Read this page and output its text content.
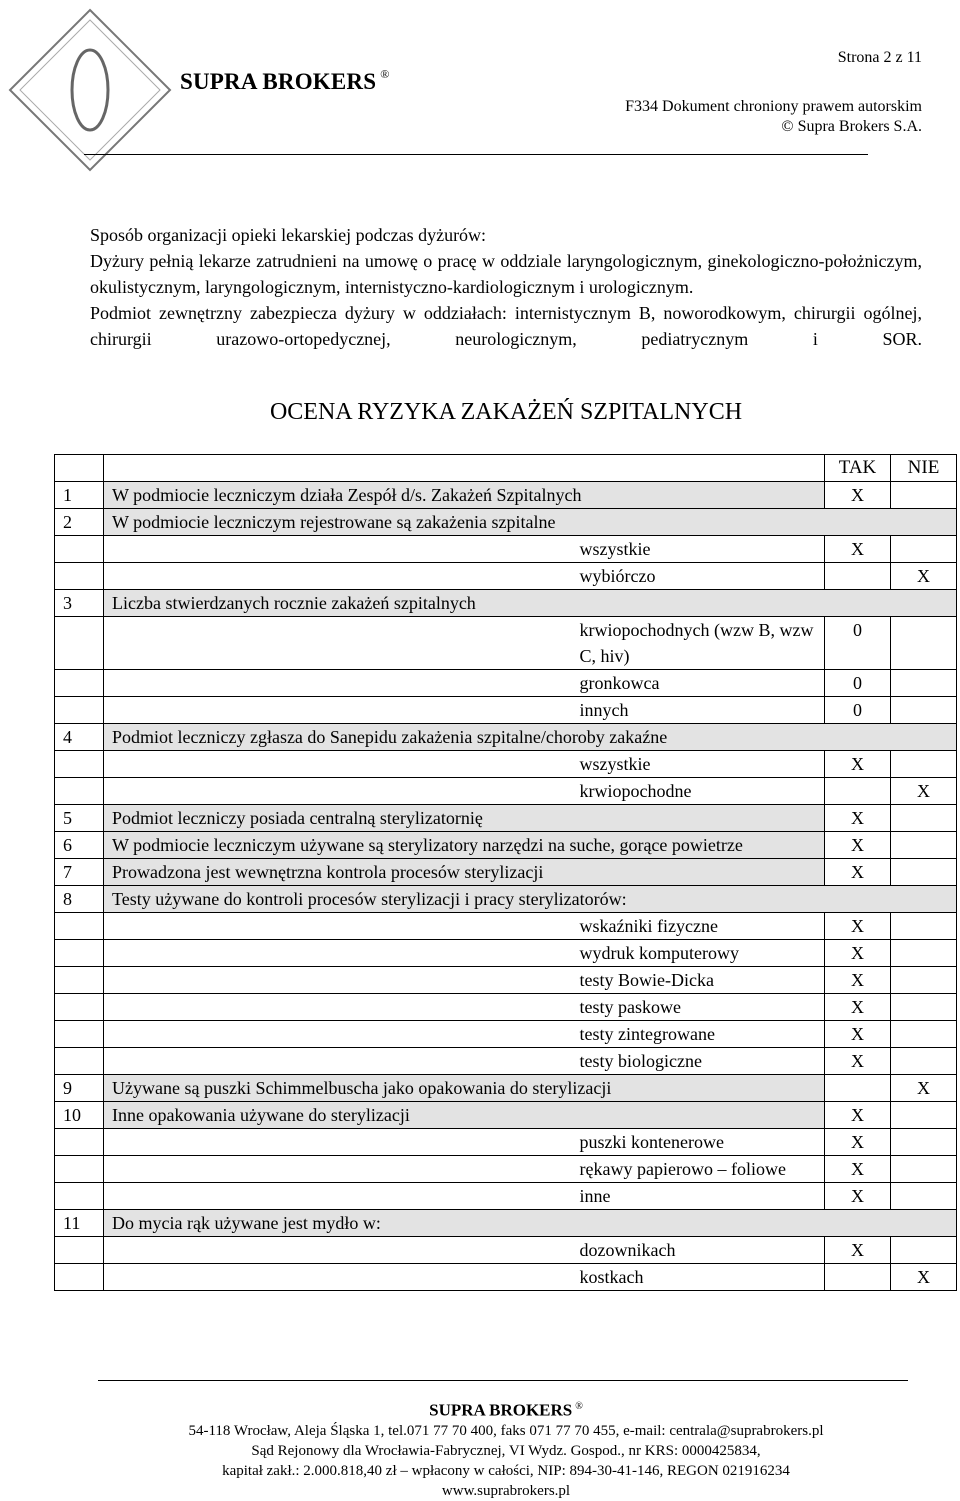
SUPRA BROKERS ®
Strona 2 z 11
F334 Dokument chroniony prawem autorskim
© Supra Brokers S.A.

Sposób organizacji opieki lekarskiej podczas dyżurów:

Dyżury pełnią lekarze zatrudnieni na umowę o pracę w oddziale laryngologicznym, ginekologiczno-położniczym, okulistycznym, laryngologicznym, internistyczno-kardiologicznym i urologicznym.

Podmiot zewnętrzny zabezpiecza dyżury w oddziałach: internistycznym B, noworodkowym, chirurgii ogólnej, chirurgii urazowo-ortopedycznej, neurologicznym, pediatrycznym i SOR.

OCENA RYZYKA ZAKAŻEŃ SZPITALNYCH
			TAK	NIE
1	W podmiocie leczniczym działa Zespół d/s. Zakażeń Szpitalnych		X	
2	W podmiocie leczniczym rejestrowane są zakażenia szpitalne			
		wszystkie	X	
		wybiórczo		X
3	Liczba stwierdzanych rocznie zakażeń szpitalnych			
		krwiopochodnych (wzw B, wzw C, hiv)	0	
		gronkowca	0	
		innych	0	
4	Podmiot leczniczy zgłasza do Sanepidu zakażenia szpitalne/choroby zakaźne			
		wszystkie	X	
		krwiopochodne		X
5	Podmiot leczniczy posiada centralną sterylizatornię		X	
6	W podmiocie leczniczym używane są sterylizatory narzędzi na suche, gorące powietrze		X	
7	Prowadzona jest wewnętrzna kontrola procesów sterylizacji		X	
8	Testy używane do kontroli procesów sterylizacji i pracy sterylizatorów:			
		wskaźniki fizyczne	X	
		wydruk komputerowy	X	
		testy Bowie-Dicka	X	
		testy paskowe	X	
		testy zintegrowane	X	
		testy biologiczne	X	
9	Używane są puszki Schimmelbuscha jako opakowania do sterylizacji			X
10	Inne opakowania używane do sterylizacji		X	
		puszki kontenerowe	X	
		rękawy papierowo – foliowe	X	
		inne	X	
11	Do mycia rąk używane jest mydło w:			
		dozownikach	X	
		kostkach		X
SUPRA BROKERS ®
54-118 Wrocław, Aleja Śląska 1, tel.071 77 70 400, faks 071 77 70 455, e-mail: centrala@suprabrokers.pl
Sąd Rejonowy dla Wrocławia-Fabrycznej, VI Wydz. Gospod., nr KRS: 0000425834,
kapitał zakł.: 2.000.818,40 zł – wpłacony w całości, NIP: 894-30-41-146, REGON 021916234
www.suprabrokers.pl
